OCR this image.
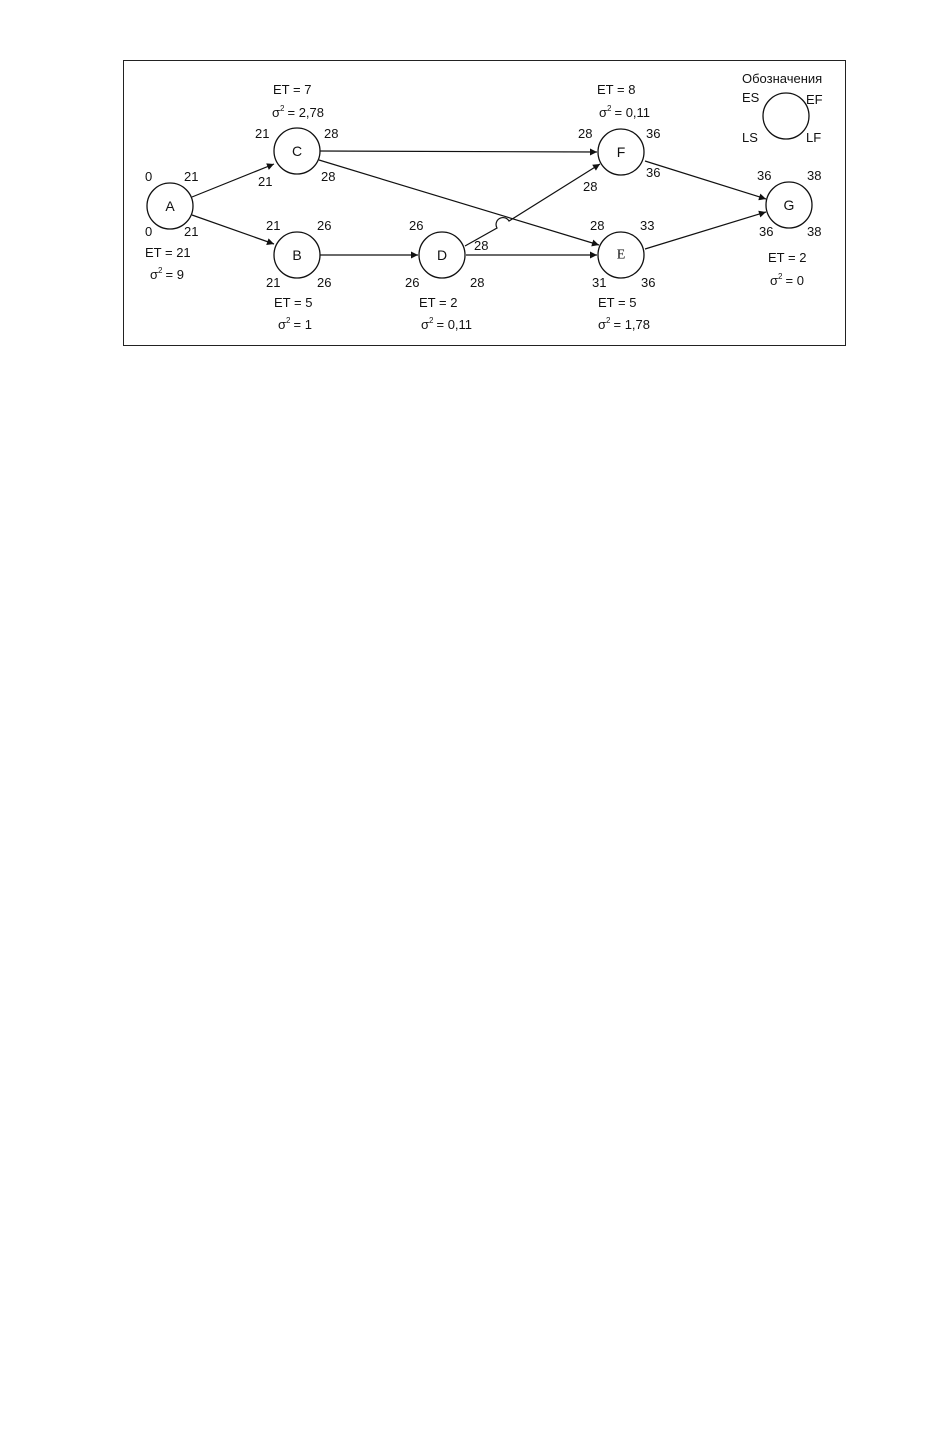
A
C
B	D
F
E
G
0 21
0 21
ET = 21
$\sigma^2 = 9$
ET = 7
$\sigma^2 = 2,78$
21	28
21	28
21	26
21	26
ET = 5
$\sigma^2 = 1$
26
28
26	28
ET = 2
$\sigma^2 = 0,11$
ET = 8
$\sigma^2 = 0,11$
28	36
28
36
28	33
31	36
ET = 5
$\sigma^2 = 1,78$
36	38
36	38
ET = 2
$\sigma^2 = 0$
Обозначения
ES	EF
LS	LF
